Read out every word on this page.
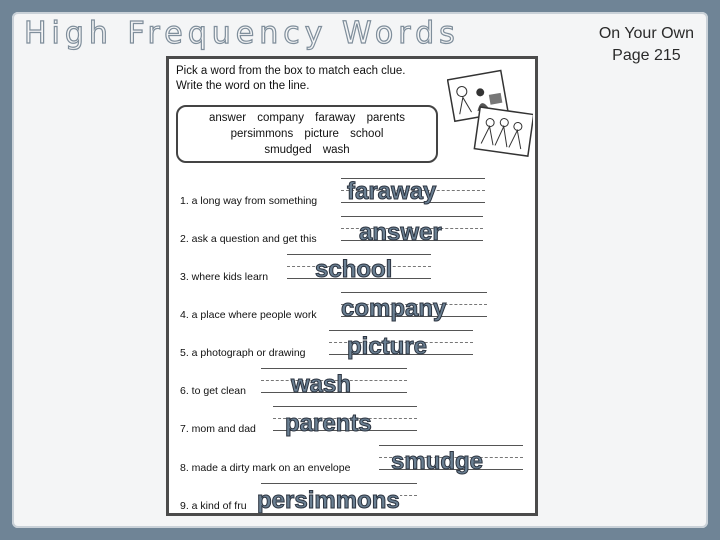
High Frequency Words	On Your Own
Page 215
Pick a word from the box to match each clue.
Write the word on the line.
answer company faraway parents
persimmons picture school
smudged wash
1. a long way from something faraway
2. ask a question and get this answer
3. where kids learn school
4. a place where people work company
5. a photograph or drawing picture
6. to get clean wash
7. mom and dad parents
8. made a dirty mark on an envelope smudge
9. a kind of fru persimmons
